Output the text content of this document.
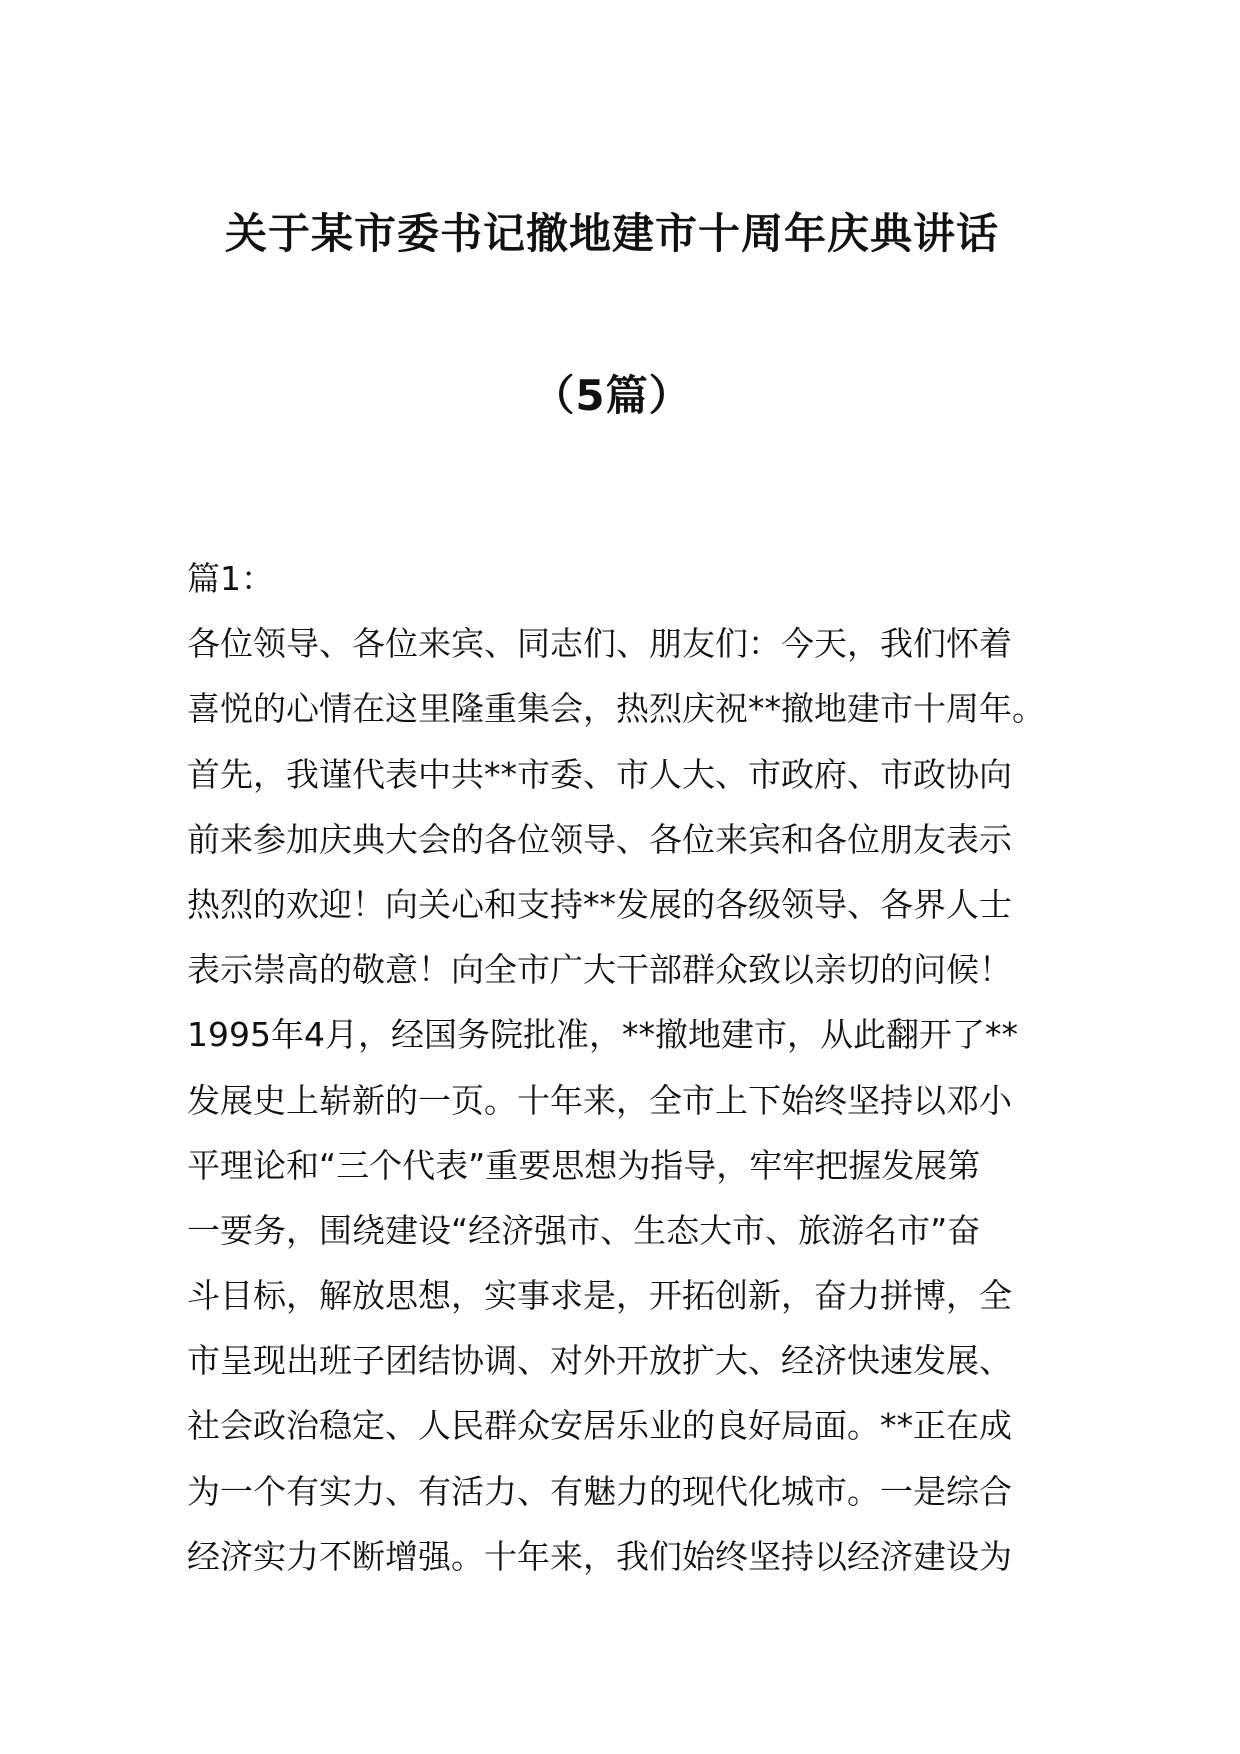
关于某市委书记撤地建市十周年庆典讲话
（5篇）
篇1：
各位领导、各位来宾、同志们、朋友们：今天，我们怀着
喜悦的心情在这里隆重集会，热烈庆祝**撤地建市十周年。
首先，我谨代表中共**市委、市人大、市政府、市政协向
前来参加庆典大会的各位领导、各位来宾和各位朋友表示
热烈的欢迎！向关心和支持**发展的各级领导、各界人士
表示崇高的敬意！向全市广大干部群众致以亲切的问候！
1995年4月，经国务院批准，**撤地建市，从此翻开了**
发展史上崭新的一页。十年来，全市上下始终坚持以邓小
平理论和“三个代表”重要思想为指导，牢牢把握发展第
一要务，围绕建设“经济强市、生态大市、旅游名市”奋
斗目标，解放思想，实事求是，开拓创新，奋力拼博，全
市呈现出班子团结协调、对外开放扩大、经济快速发展、
社会政治稳定、人民群众安居乐业的良好局面。**正在成
为一个有实力、有活力、有魅力的现代化城市。一是综合
经济实力不断增强。十年来，我们始终坚持以经济建设为
